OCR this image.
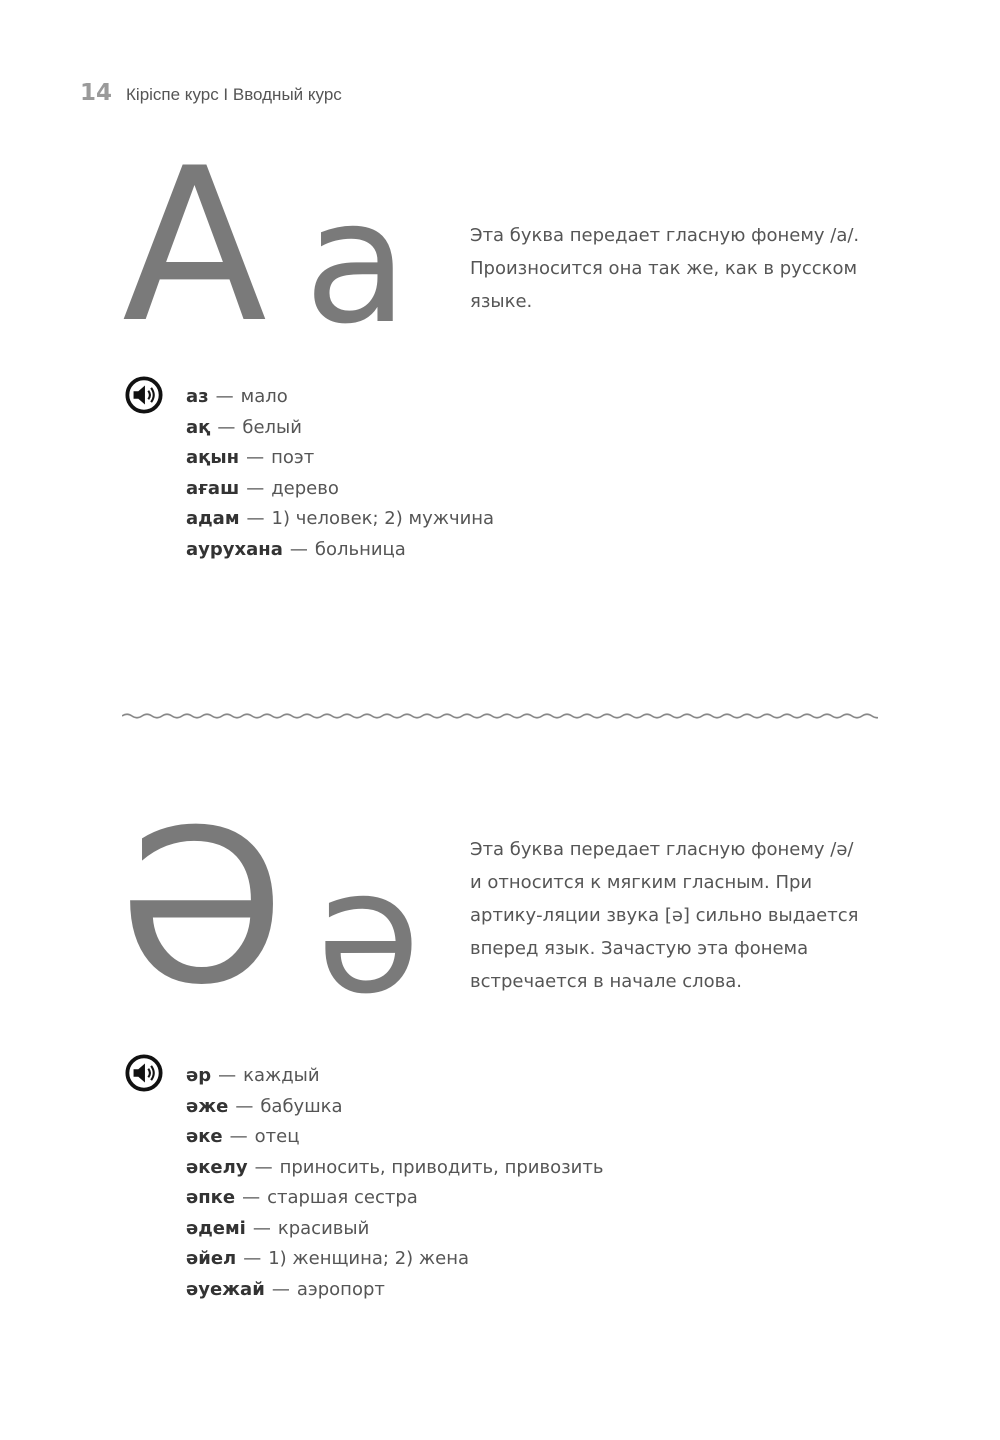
14 Кіріспе курс I Вводный курс
A a	Эта буква передает гласную фонему /а/. Произносится она так же, как в русском языке.

аз — мало
ақ — белый
ақын — поэт
ағаш — дерево
адам — 1) человек; 2) мужчина
аурухана — больница
Ә ә	Эта буква передает гласную фонему /ә/ и относится к мягким гласным. При артику-ляции звука [ә] сильно выдается вперед язык. Зачастую эта фонема встречается в начале слова.

әр — каждый
әже — бабушка
әке — отец
әкелу — приносить, приводить, привозить
әпке — старшая сестра
әдемі — красивый
әйел — 1) женщина; 2) жена
әуежай — аэропорт
